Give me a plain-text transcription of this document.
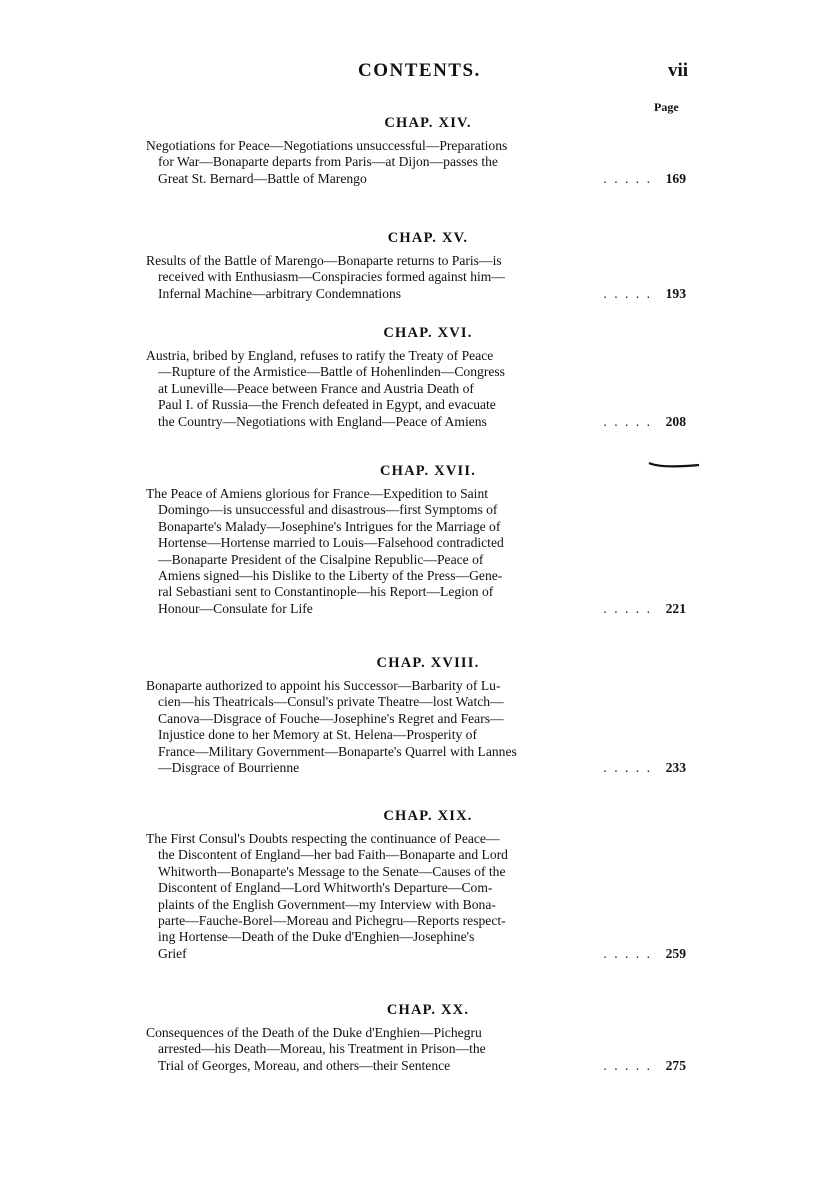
CONTENTS.	vii
Page
CHAP. XIV.
Negotiations for Peace—Negotiations unsuccessful—Preparations
for War—Bonaparte departs from Paris—at Dijon—passes the
Great St. Bernard—Battle of Marengo	. . . . . 169
CHAP. XV.
Results of the Battle of Marengo—Bonaparte returns to Paris—is
received with Enthusiasm—Conspiracies formed against him—
Infernal Machine—arbitrary Condemnations	. . . . . 193
CHAP. XVI.
Austria, bribed by England, refuses to ratify the Treaty of Peace
—Rupture of the Armistice—Battle of Hohenlinden—Congress
at Luneville—Peace between France and Austria Death of
Paul I. of Russia—the French defeated in Egypt, and evacuate
the Country—Negotiations with England—Peace of Amiens	. . . . . 208
CHAP. XVII.
The Peace of Amiens glorious for France—Expedition to Saint
Domingo—is unsuccessful and disastrous—first Symptoms of
Bonaparte's Malady—Josephine's Intrigues for the Marriage of
Hortense—Hortense married to Louis—Falsehood contradicted
—Bonaparte President of the Cisalpine Republic—Peace of
Amiens signed—his Dislike to the Liberty of the Press—Gene-
ral Sebastiani sent to Constantinople—his Report—Legion of
Honour—Consulate for Life	. . . . . 221
CHAP. XVIII.
Bonaparte authorized to appoint his Successor—Barbarity of Lu-
cien—his Theatricals—Consul's private Theatre—lost Watch—
Canova—Disgrace of Fouche—Josephine's Regret and Fears—
Injustice done to her Memory at St. Helena—Prosperity of
France—Military Government—Bonaparte's Quarrel with Lannes
—Disgrace of Bourrienne	. . . . . 233
CHAP. XIX.
The First Consul's Doubts respecting the continuance of Peace—
the Discontent of England—her bad Faith—Bonaparte and Lord
Whitworth—Bonaparte's Message to the Senate—Causes of the
Discontent of England—Lord Whitworth's Departure—Com-
plaints of the English Government—my Interview with Bona-
parte—Fauche-Borel—Moreau and Pichegru—Reports respect-
ing Hortense—Death of the Duke d'Enghien—Josephine's
Grief	. . . . . 259
CHAP. XX.
Consequences of the Death of the Duke d'Enghien—Pichegru
arrested—his Death—Moreau, his Treatment in Prison—the
Trial of Georges, Moreau, and others—their Sentence	. . . . . 275
